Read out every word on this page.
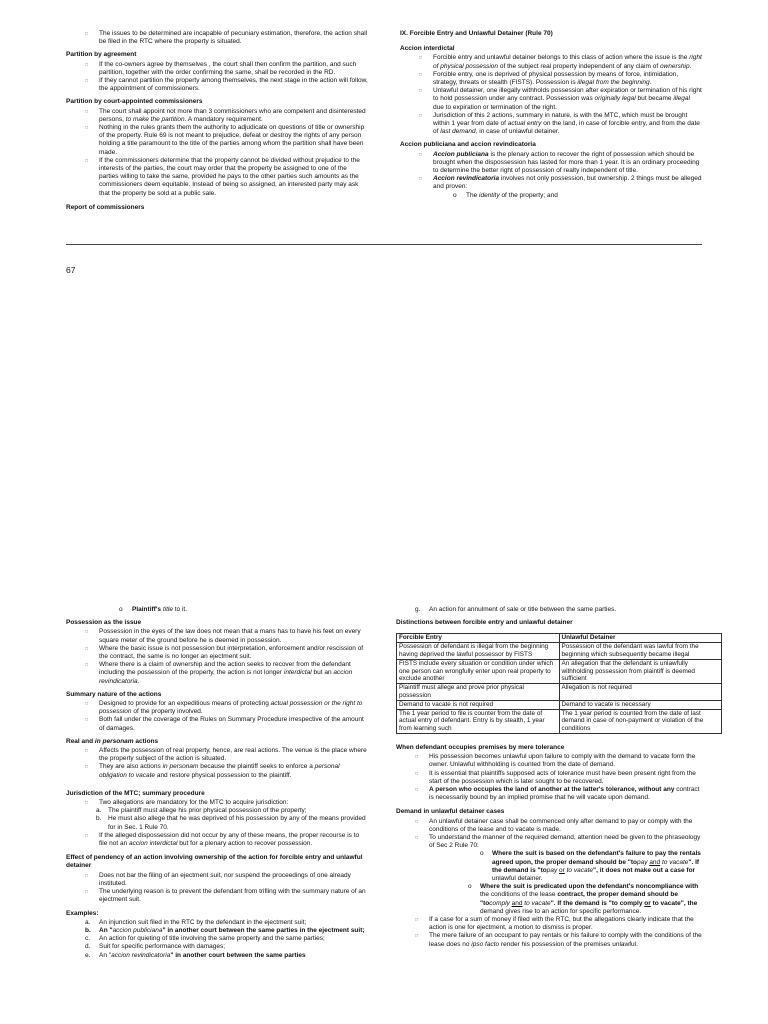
□ The issues to be determined are incapable of pecuniary estimation, therefore, the action shall be filed in the RTC where the property is situated.
Partition by agreement
□ If the co-owners agree by themselves , the court shall then confirm the partition, and such partition, together with the order confirming the same, shall be recorded in the RD.
□ If they cannot partition the property among themselves, the next stage in the action will follow, the appointment of commissioners.
Partition by court-appointed commissioners
□ The court shall appoint not more than 3 commissioners who are competent and disinterested persons, to make the partition. A mandatory requirement.
□ Nothing in the rules grants them the authority to adjudicate on questions of title or ownership of the property. Rule 69 is not meant to prejudice, defeat or destroy the rights of any person holding a title paramount to the title of the parties among whom the partition shall have been made.
□ If the commissioners determine that the property cannot be divided without prejudice to the interests of the parties, the court may order that the property be assigned to one of the parties willing to take the same, provided he pays to the other parties such amounts as the commissioners deem equitable. Instead of being so assigned, an interested party may ask that the property be sold at a public sale.
Report of commissioners
IX. Forcible Entry and Unlawful Detainer (Rule 70)
Accion interdictal
□ Forcible entry and unlawful detainer belongs to this class of action where the issue is the right of physical possession of the subject real property independent of any claim of ownership.
□ Forcible entry, one is deprived of physical possession by means of force, intimidation, strategy, threats or stealth (FISTS). Possession is illegal from the beginning.
□ Unlawful detainer, one illegally withholds possession after expiration or termination of his right to hold possession under any contract. Possession was originally legal but became illegal due to expiration or termination of the right.
□ Jurisdiction of this 2 actions, summary in nature, is with the MTC, which must be brought within 1 year from date of actual entry on the land, in case of forcible entry, and from the date of last demand, in case of unlawful detainer.
Accion publiciana and accion revindicatoria
□ Accion publiciana is the plenary action to recover the right of possession which should be brought when the dispossession has lasted for more than 1 year. It is an ordinary proceeding to determine the better right of possession of realty independent of title.
□ Accion revindicatoria involves not only possession, but ownership. 2 things must be alleged and proven:
o The identity of the property; and
67
o Plaintiff's title to it.
Possession as the issue
□ Possession in the eyes of the law does not mean that a mans has to have his feet on every square meter of the ground before he is deemed in possession.
□ Where the basic issue is not possession but interpretation, enforcement and/or rescission of the contract, the same is no longer an ejectment suit.
□ Where there is a claim of ownership and the action seeks to recover from the defendant including the possession of the property, the action is not longer interdictal but an accion revindicatoria.
Summary nature of the actions
□ Designed to provide for an expeditious means of protecting actual possession or the right to possession of the property involved.
□ Both fall under the coverage of the Rules on Summary Procedure irrespective of the amount of damages.
Real and in personam actions
□ Affects the possession of real property, hence, are real actions. The venue is the place where the property subject of the action is situated.
□ They are also actions in personam because the plaintiff seeks to enforce a personal obligation to vacate and restore physical possession to the plaintiff.
Jurisdiction of the MTC; summary procedure
□ Two allegations are mandatory for the MTC to acquire jurisdiction:
a. The plaintiff must allege his prior physical possession of the property;
b. He must also allege that he was deprived of his possession by any of the means provided for in Sec. 1 Rule 70.
□ If the alleged dispossession did not occur by any of these means, the proper recourse is to file not an accion interdictal but for a plenary action to recover possession.
Effect of pendency of an action involving ownership of the action for forcible entry and unlawful detainer
□ Does not bar the filing of an ejectment suit, nor suspend the proceedings of one already instituted.
□ The underlying reason is to prevent the defendant from trifling with the summary nature of an ejectment suit.
Examples:
a. An injunction suit filed in the RTC by the defendant in the ejectment suit;
b. An "accion publiciana" in another court between the same parties in the ejectment suit;
c. An action for quieting of title involving the same property and the same parties;
d. Suit for specific performance with damages;
e. An "accion revindicatoria" in another court between the same parties
g. An action for annulment of sale or title between the same parties.
Distinctions between forcible entry and unlawful detainer
Forcible Entry	Unlawful Detainer
Possession of defendant is illegal from the beginning having deprived the lawful possessor by FISTS	Possession of the defendant was lawful from the beginning which subsequently became illegal
FISTS include every situation or condition under which one person can wrongfully enter upon real property to exclude another	An allegation that the defendant is unlawfully withholding possession from plaintiff is deemed sufficient
Plaintiff must allege and prove prior physical possession	Allegation is not required
Demand to vacate is not required	Demand to vacate is necessary
The 1 year period to file is counter from the date of actual entry of defendant. Entry is by stealth, 1 year from learning such	The 1 year period is counted from the date of last demand in case of non-payment or violation of the conditions
When defendant occupies premises by mere tolerance
□ His possession becomes unlawful upon failure to comply with the demand to vacate form the owner. Unlawful withholding is counted from the date of demand.
□ It is essential that plaintiffs supposed acts of tolerance must have been present right from the start of the possession which is later sought to be recovered.
□ A person who occupies the land of another at the latter's tolerance, without any contract is necessarily bound by an implied promise that he will vacate upon demand.
Demand in unlawful detainer cases
□ An unlawful detainer case shall be commenced only after demand to pay or comply with the conditions of the lease and to vacate is made.
□ To understand the manner of the required demand, attention need be given to the phraseology of Sec 2 Rule 70:
o Where the suit is based on the defendant's failure to pay the rentals agreed upon, the proper demand should be "topay and to vacate". If the demand is "topay or to vacate", it does not make out a case for unlawful detainer.
o Where the suit is predicated upon the defendant's noncompliance with the conditions of the lease contract, the proper demand should be "tocomply and to vacate". If the demand is "to comply or to vacate", the demand gives rise to an action for specific performance.
□ If a case for a sum of money if filed with the RTC, but the allegations clearly indicate that the action is one for ejectment, a motion to dismiss is proper.
□ The mere failure of an occupant to pay rentals or his failure to comply with the conditions of the lease does no ipso facto render his possession of the premises unlawful.
